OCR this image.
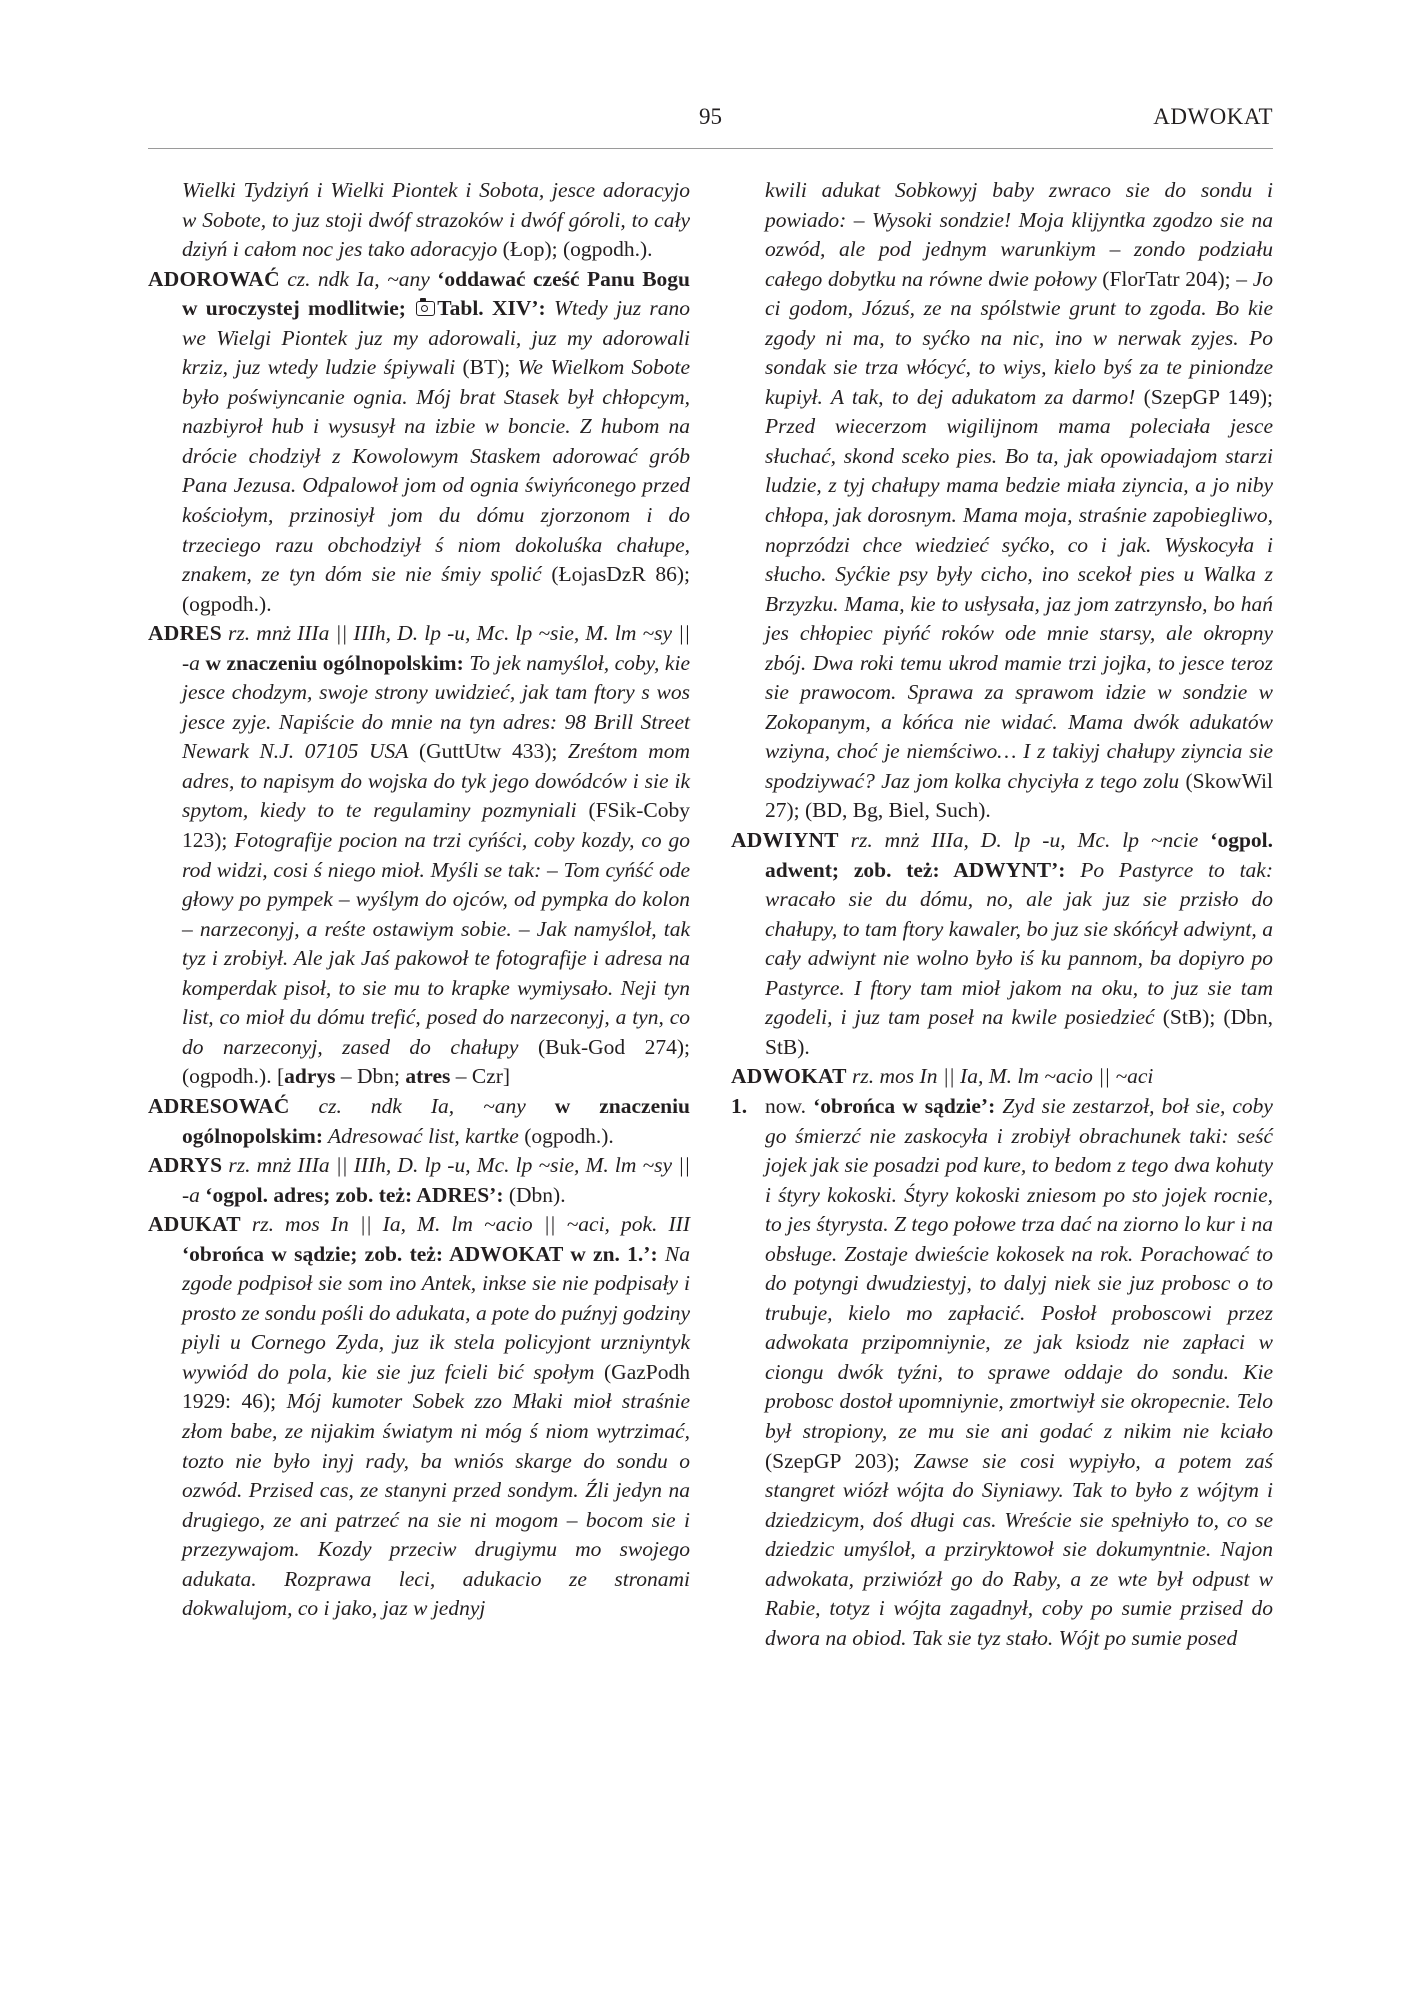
95	ADWOKAT

Wielki Tydziyń i Wielki Piontek i Sobota, jesce adoracyjo w Sobote, to juz stoji dwóf strazoków i dwóf góroli, to cały dziyń i całom noc jes tako adoracyjo (Łop); (ogpodh.).

ADOROWAĆ cz. ndk Ia, ~any ‘oddawać cześć Panu Bogu w uroczystej modlitwie; Tabl. XIV’: Wtedy juz rano we Wielgi Piontek juz my adorowali, juz my adorowali krziz, juz wtedy ludzie śpiywali (BT); We Wielkom Sobote było poświyncanie ognia. Mój brat Stasek był chłopcym, nazbiyroł hub i wysusył na izbie w boncie. Z hubom na drócie chodziył z Kowolowym Staskem adorować grób Pana Jezusa. Odpalowoł jom od ognia świyńconego przed kościołym, przinosiył jom du dómu zjorzonom i do trzeciego razu obchodziył ś niom dokoluśka chałupe, znakem, ze tyn dóm sie nie śmiy spolić (ŁojasDzR 86); (ogpodh.).

ADRES rz. mnż IIIa || IIIh, D. lp -u, Mc. lp ~sie, M. lm ~sy || -a w znaczeniu ogólnopolskim: To jek namyśloł, coby, kie jesce chodzym, swoje strony uwidzieć, jak tam ftory s wos jesce zyje. Napiście do mnie na tyn adres: 98 Brill Street Newark N.J. 07105 USA (GuttUtw 433); Zreśtom mom adres, to napisym do wojska do tyk jego dowódców i sie ik spytom, kiedy to te regulaminy pozmyniali (FSik-Coby 123); Fotografije pocion na trzi cyńści, coby kozdy, co go rod widzi, cosi ś niego mioł. Myśli se tak: – Tom cyńść ode głowy po pympek – wyślym do ojców, od pympka do kolon – narzeconyj, a reśte ostawiym sobie. – Jak namyśloł, tak tyz i zrobiył. Ale jak Jaś pakowoł te fotografije i adresa na komperdak pisoł, to sie mu to krapke wymiysało. Neji tyn list, co mioł du dómu trefić, posed do narzeconyj, a tyn, co do narzeconyj, zased do chałupy (Buk-God 274); (ogpodh.). [adrys – Dbn; atres – Czr]

ADRESOWAĆ cz. ndk Ia, ~any w znaczeniu ogólnopolskim: Adresować list, kartke (ogpodh.).

ADRYS rz. mnż IIIa || IIIh, D. lp -u, Mc. lp ~sie, M. lm ~sy || -a ‘ogpol. adres; zob. też: ADRES’: (Dbn).

ADUKAT rz. mos In || Ia, M. lm ~acio || ~aci, pok. III ‘obrońca w sądzie; zob. też: ADWOKAT w zn. 1.’: Na zgode podpisoł sie som ino Antek, inkse sie nie podpisały i prosto ze sondu pośli do adukata, a pote do puźnyj godziny piyli u Cornego Zyda, juz ik stela policyjont urzniyntyk wywiód do pola, kie sie juz fcieli bić społym (GazPodh 1929: 46); Mój kumoter Sobek zzo Młaki mioł straśnie złom babe, ze nijakim światym ni móg ś niom wytrzimać, tozto nie było inyj rady, ba wniós skarge do sondu o ozwód. Przised cas, ze stanyni przed sondym. Źli jedyn na drugiego, ze ani patrzeć na sie ni mogom – bocom sie i przezywajom. Kozdy przeciw drugiymu mo swojego adukata. Rozprawa leci, adukacio ze stronami dokwalujom, co i jako, jaz w jednyj

kwili adukat Sobkowyj baby zwraco sie do sondu i powiado: – Wysoki sondzie! Moja klijyntka zgodzo sie na ozwód, ale pod jednym warunkiym – zondo podziału całego dobytku na równe dwie połowy (FlorTatr 204); – Jo ci godom, Józuś, ze na spólstwie grunt to zgoda. Bo kie zgody ni ma, to syćko na nic, ino w nerwak zyjes. Po sondak sie trza włócyć, to wiys, kielo byś za te piniondze kupiył. A tak, to dej adukatom za darmo! (SzepGP 149); Przed wiecerzom wigilijnom mama poleciała jesce słuchać, skond sceko pies. Bo ta, jak opowiadajom starzi ludzie, z tyj chałupy mama bedzie miała ziyncia, a jo niby chłopa, jak dorosnym. Mama moja, straśnie zapobiegliwo, noprzódzi chce wiedzieć syćko, co i jak. Wyskocyła i słucho. Syćkie psy były cicho, ino scekoł pies u Walka z Brzyzku. Mama, kie to usłysała, jaz jom zatrzynsło, bo hań jes chłopiec piyńć roków ode mnie starsy, ale okropny zbój. Dwa roki temu ukrod mamie trzi jojka, to jesce teroz sie prawocom. Sprawa za sprawom idzie w sondzie w Zokopanym, a kóńca nie widać. Mama dwók adukatów wziyna, choć je niemściwo… I z takiyj chałupy ziyncia sie spodziywać? Jaz jom kolka chyciyła z tego zolu (SkowWil 27); (BD, Bg, Biel, Such).

ADWIYNT rz. mnż IIIa, D. lp -u, Mc. lp ~ncie ‘ogpol. adwent; zob. też: ADWYNT’: Po Pastyrce to tak: wracało sie du dómu, no, ale jak juz sie przisło do chałupy, to tam ftory kawaler, bo juz sie skóńcył adwiynt, a cały adwiynt nie wolno było iś ku pannom, ba dopiyro po Pastyrce. I ftory tam mioł jakom na oku, to juz sie tam zgodeli, i juz tam poseł na kwile posiedzieć (StB); (Dbn, StB).

ADWOKAT rz. mos In || Ia, M. lm ~acio || ~aci

1. now. ‘obrońca w sądzie’: Zyd sie zestarzoł, boł sie, coby go śmierzć nie zaskocyła i zrobiył obrachunek taki: seść jojek jak sie posadzi pod kure, to bedom z tego dwa kohuty i śtyry kokoski. Śtyry kokoski zniesom po sto jojek rocnie, to jes śtyrysta. Z tego połowe trza dać na ziorno lo kur i na obsługe. Zostaje dwieście kokosek na rok. Porachować to do potyngi dwudziestyj, to dalyj niek sie juz probosc o to trubuje, kielo mo zapłacić. Posłoł proboscowi przez adwokata przipomniynie, ze jak ksiodz nie zapłaci w ciongu dwók tyźni, to sprawe oddaje do sondu. Kie probosc dostoł upomniynie, zmortwiył sie okropecnie. Telo był stropiony, ze mu sie ani godać z nikim nie kciało (SzepGP 203); Zawse sie cosi wypiyło, a potem zaś stangret wiózł wójta do Siyniawy. Tak to było z wójtym i dziedzicym, doś długi cas. Wreście sie spełniyło to, co se dziedzic umyśloł, a prziryktowoł sie dokumyntnie. Najon adwokata, prziwiózł go do Raby, a ze wte był odpust w Rabie, totyz i wójta zagadnył, coby po sumie przised do dwora na obiod. Tak sie tyz stało. Wójt po sumie posed
